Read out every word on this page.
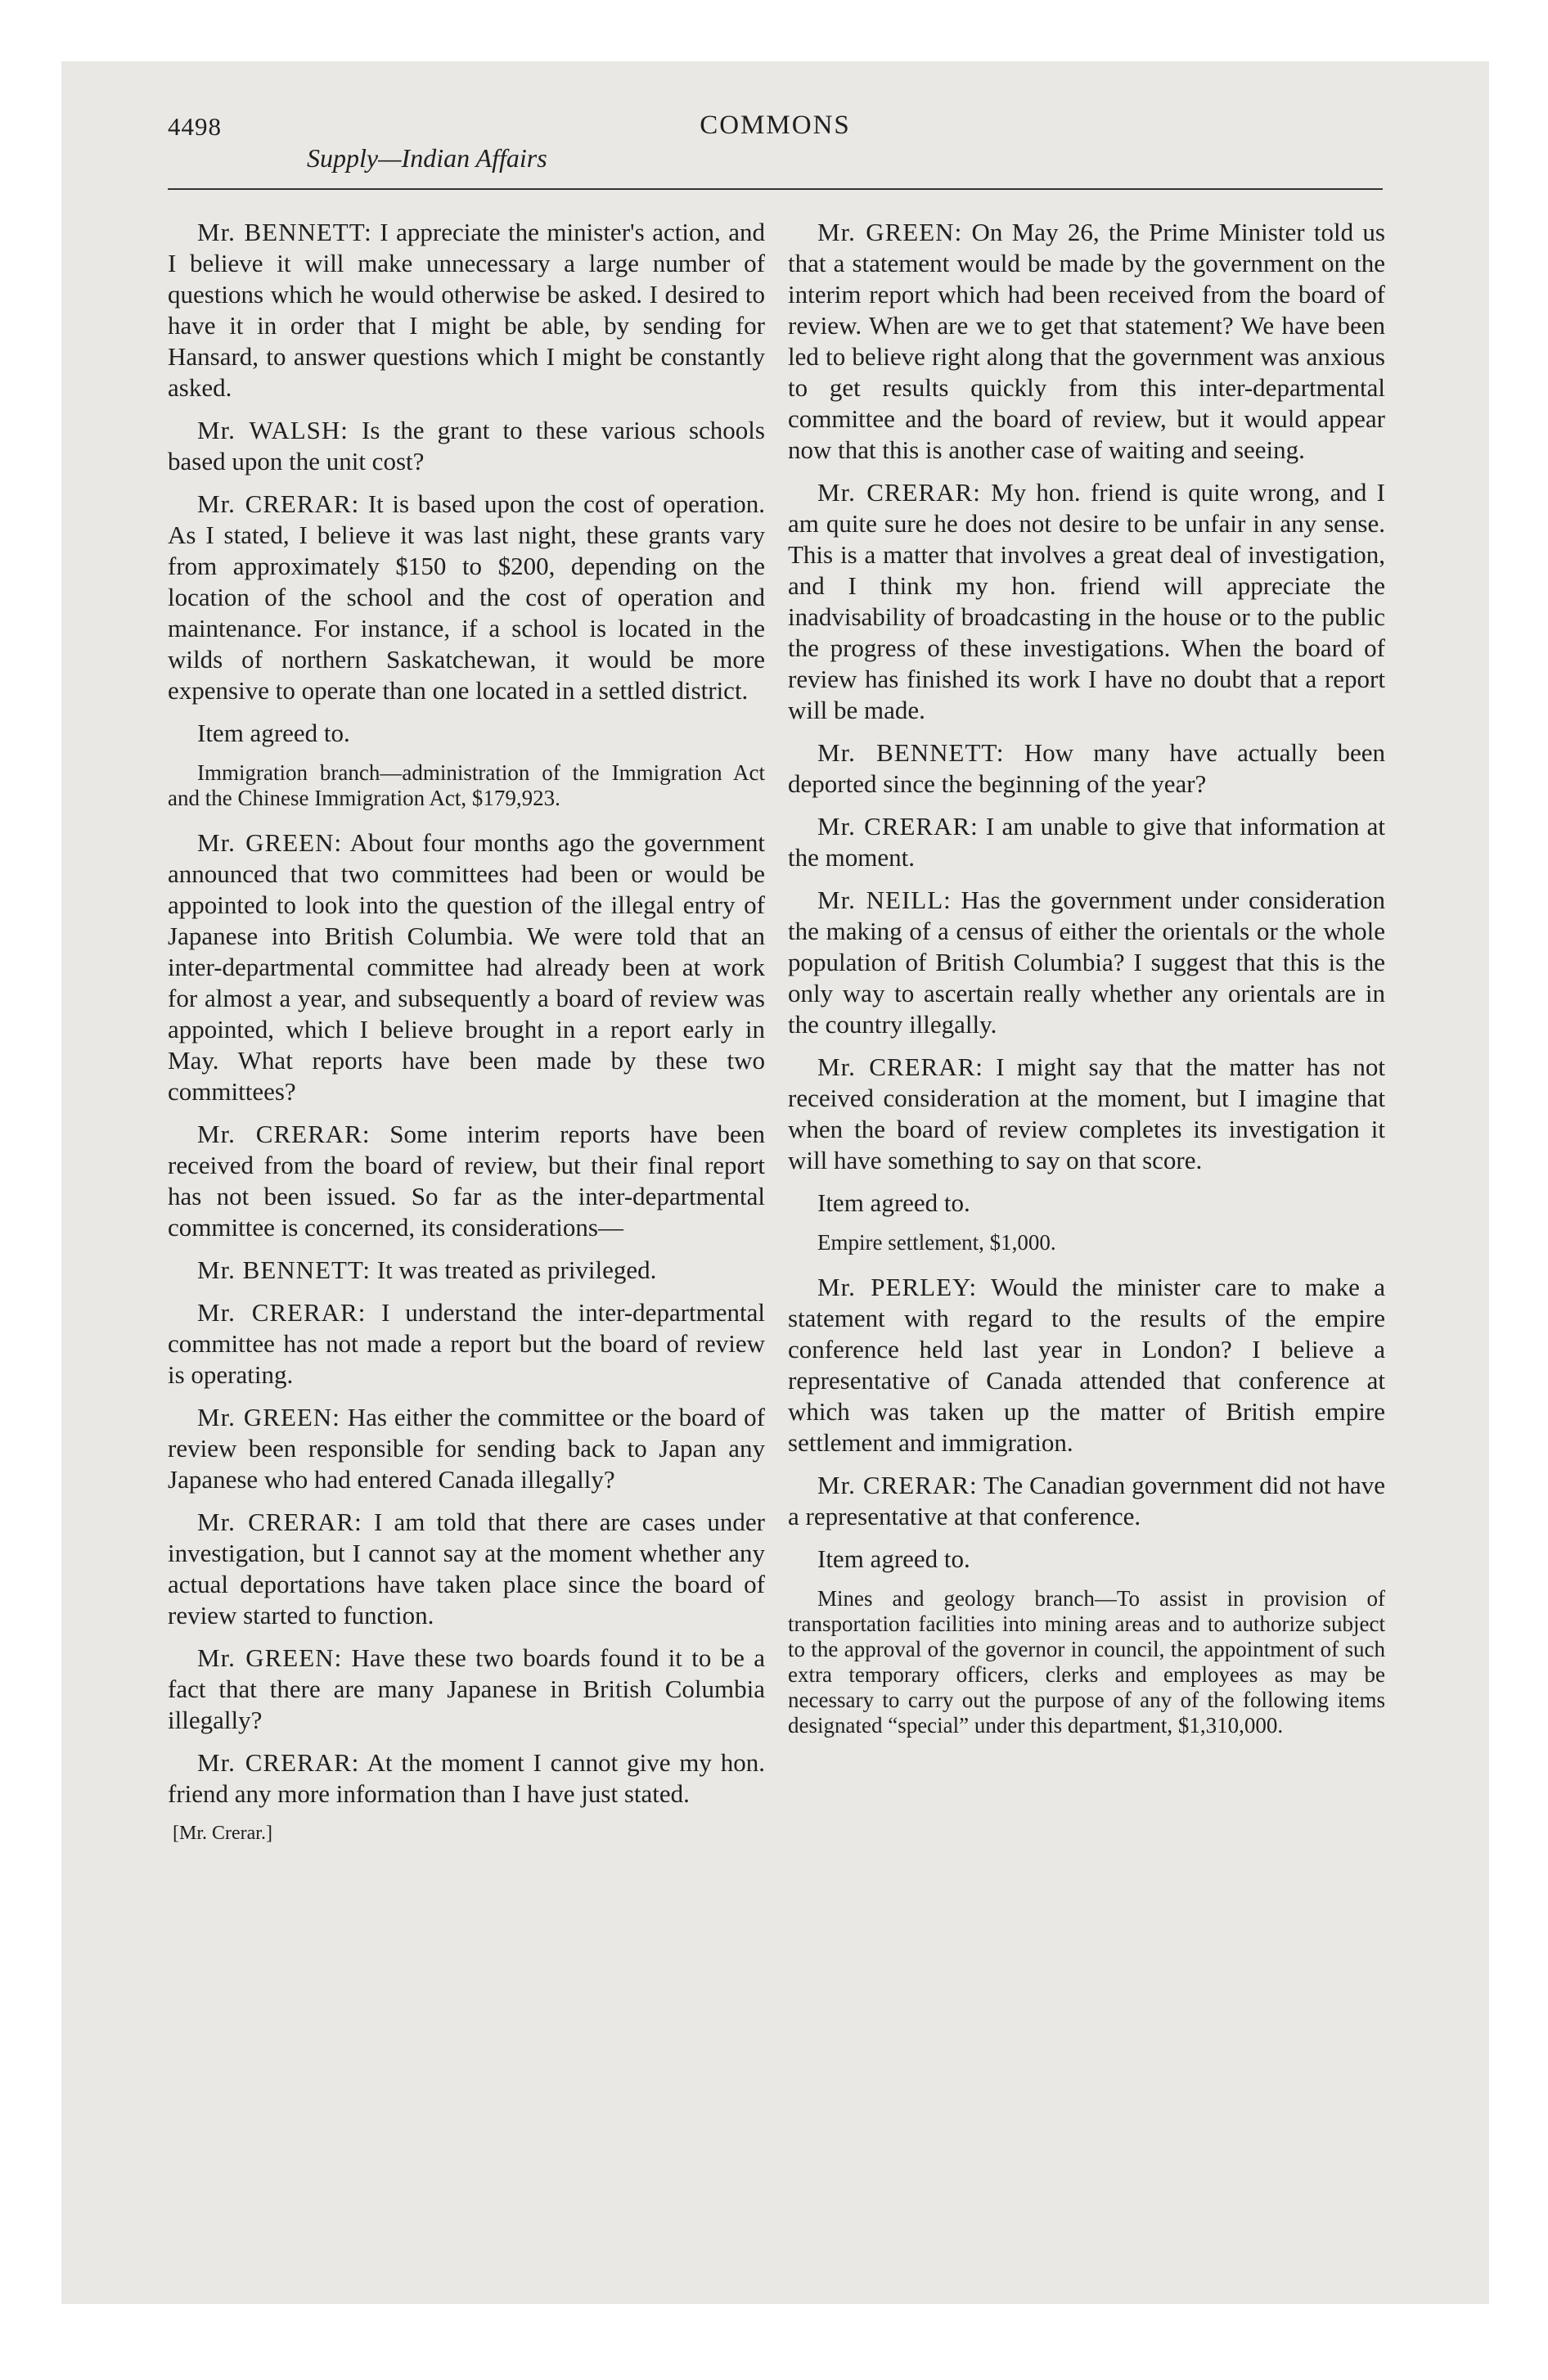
4498	COMMONS
Supply—Indian Affairs

Mr. BENNETT: I appreciate the minister's action, and I believe it will make unnecessary a large number of questions which he would otherwise be asked. I desired to have it in order that I might be able, by sending for Hansard, to answer questions which I might be constantly asked.

Mr. WALSH: Is the grant to these various schools based upon the unit cost?

Mr. CRERAR: It is based upon the cost of operation. As I stated, I believe it was last night, these grants vary from approximately $150 to $200, depending on the location of the school and the cost of operation and maintenance. For instance, if a school is located in the wilds of northern Saskatchewan, it would be more expensive to operate than one located in a settled district.

Item agreed to.

Immigration branch—administration of the Immigration Act and the Chinese Immigration Act, $179,923.

Mr. GREEN: About four months ago the government announced that two committees had been or would be appointed to look into the question of the illegal entry of Japanese into British Columbia. We were told that an inter-departmental committee had already been at work for almost a year, and subsequently a board of review was appointed, which I believe brought in a report early in May. What reports have been made by these two committees?

Mr. CRERAR: Some interim reports have been received from the board of review, but their final report has not been issued. So far as the inter-departmental committee is concerned, its considerations—

Mr. BENNETT: It was treated as privileged.

Mr. CRERAR: I understand the inter-departmental committee has not made a report but the board of review is operating.

Mr. GREEN: Has either the committee or the board of review been responsible for sending back to Japan any Japanese who had entered Canada illegally?

Mr. CRERAR: I am told that there are cases under investigation, but I cannot say at the moment whether any actual deportations have taken place since the board of review started to function.

Mr. GREEN: Have these two boards found it to be a fact that there are many Japanese in British Columbia illegally?

Mr. CRERAR: At the moment I cannot give my hon. friend any more information than I have just stated.

[Mr. Crerar.]

Mr. GREEN: On May 26, the Prime Minister told us that a statement would be made by the government on the interim report which had been received from the board of review. When are we to get that statement? We have been led to believe right along that the government was anxious to get results quickly from this inter-departmental committee and the board of review, but it would appear now that this is another case of waiting and seeing.

Mr. CRERAR: My hon. friend is quite wrong, and I am quite sure he does not desire to be unfair in any sense. This is a matter that involves a great deal of investigation, and I think my hon. friend will appreciate the inadvisability of broadcasting in the house or to the public the progress of these investigations. When the board of review has finished its work I have no doubt that a report will be made.

Mr. BENNETT: How many have actually been deported since the beginning of the year?

Mr. CRERAR: I am unable to give that information at the moment.

Mr. NEILL: Has the government under consideration the making of a census of either the orientals or the whole population of British Columbia? I suggest that this is the only way to ascertain really whether any orientals are in the country illegally.

Mr. CRERAR: I might say that the matter has not received consideration at the moment, but I imagine that when the board of review completes its investigation it will have something to say on that score.

Item agreed to.

Empire settlement, $1,000.

Mr. PERLEY: Would the minister care to make a statement with regard to the results of the empire conference held last year in London? I believe a representative of Canada attended that conference at which was taken up the matter of British empire settlement and immigration.

Mr. CRERAR: The Canadian government did not have a representative at that conference.

Item agreed to.

Mines and geology branch—To assist in provision of transportation facilities into mining areas and to authorize subject to the approval of the governor in council, the appointment of such extra temporary officers, clerks and employees as may be necessary to carry out the purpose of any of the following items designated “special” under this department, $1,310,000.
